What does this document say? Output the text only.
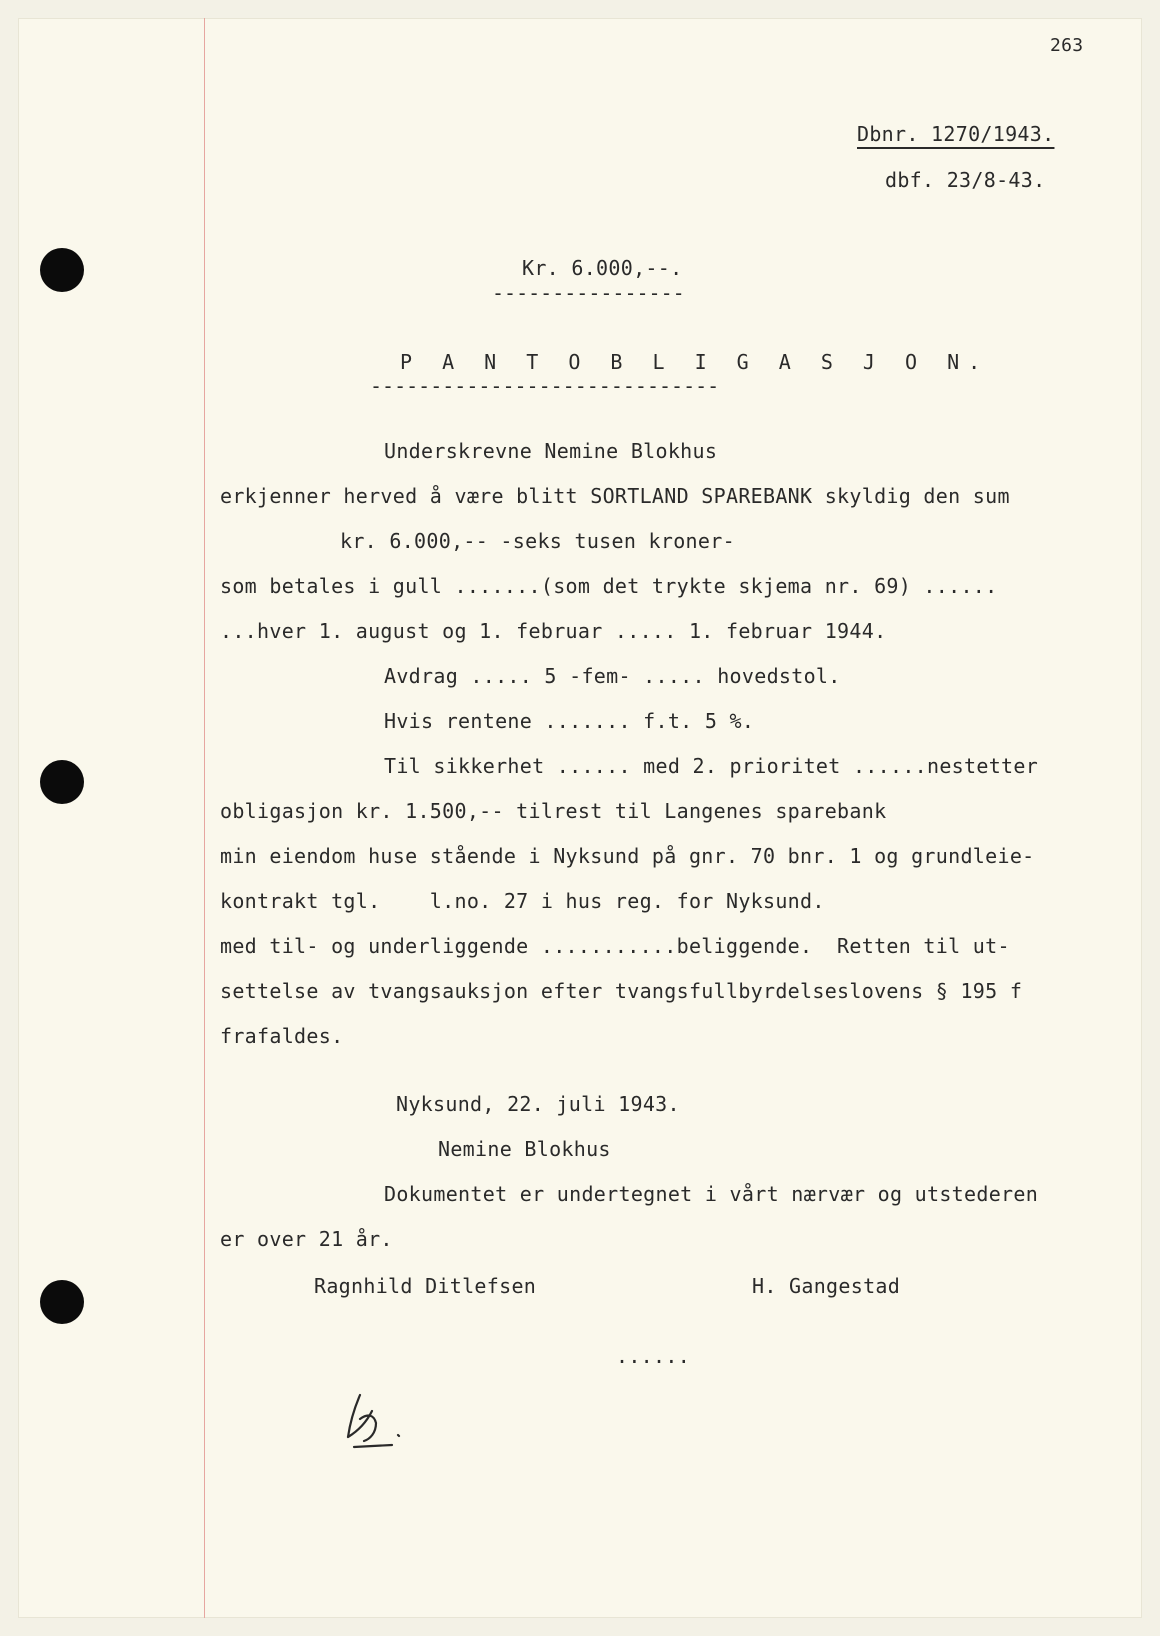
263
Dbnr. 1270/1943.
dbf. 23/8-43.
Kr. 6.000,--.
----------------
P A N T O B L I G A S J O N.
-----------------------------
Underskrevne Nemine Blokhus
erkjenner herved å være blitt SORTLAND SPAREBANK skyldig den sum
kr. 6.000,-- -seks tusen kroner-
som betales i gull .......(som det trykte skjema nr. 69) ......
...hver 1. august og 1. februar ..... 1. februar 1944.
Avdrag ..... 5 -fem- ..... hovedstol.
Hvis rentene ....... f.t. 5 %.
Til sikkerhet ...... med 2. prioritet ......nestetter
obligasjon kr. 1.500,-- tilrest til Langenes sparebank
min eiendom huse stående i Nyksund på gnr. 70 bnr. 1 og grundleie-
kontrakt tgl.    l.no. 27 i hus reg. for Nyksund.
med til- og underliggende ...........beliggende.  Retten til ut-
settelse av tvangsauksjon efter tvangsfullbyrdelseslovens § 195 f
frafaldes.
Nyksund, 22. juli 1943.
Nemine Blokhus
Dokumentet er undertegnet i vårt nærvær og utstederen
er over 21 år.
Ragnhild Ditlefsen	H. Gangestad
......
